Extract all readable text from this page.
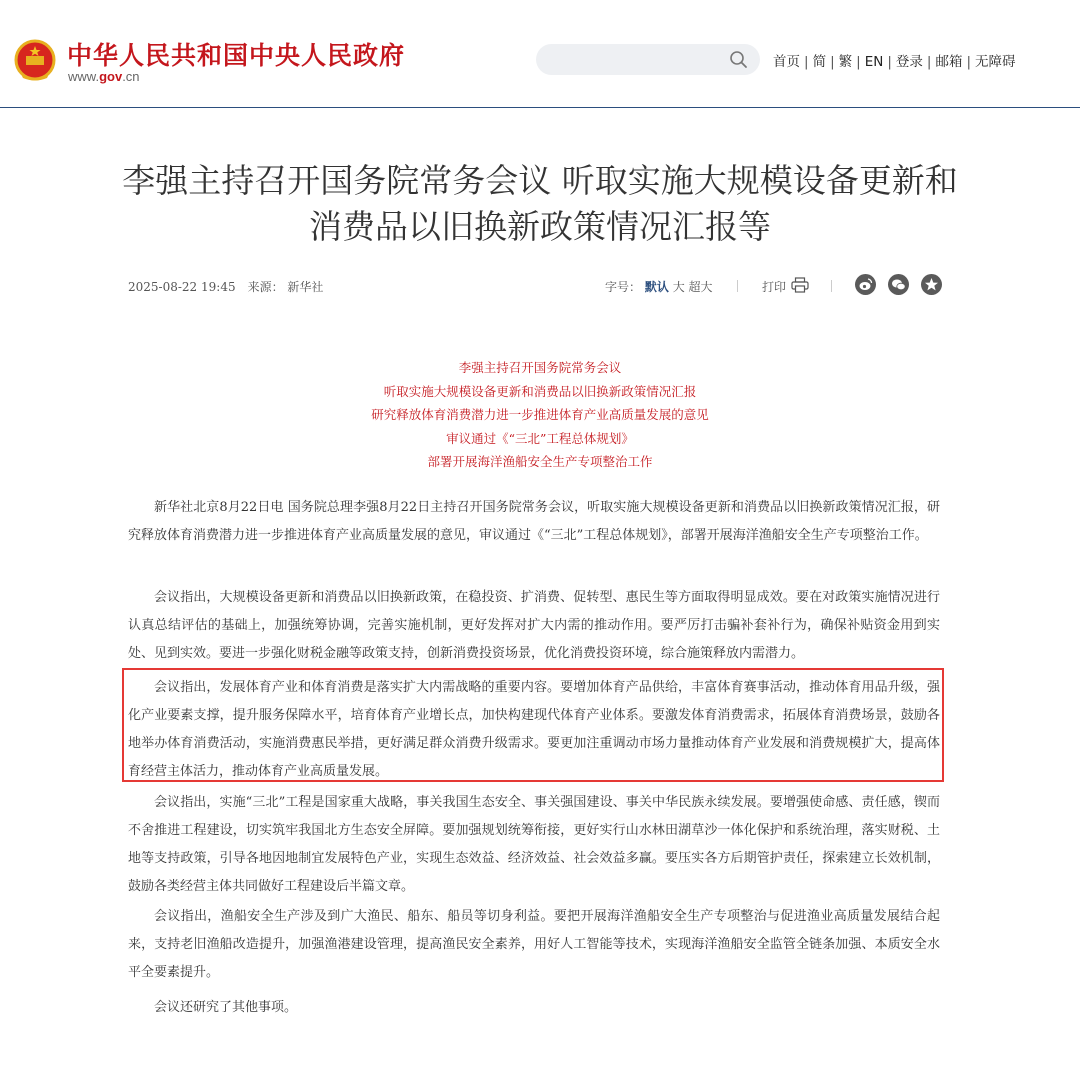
中华人民共和国中央人民政府
www.gov.cn
首页 | 简 | 繁 | EN | 登录 | 邮箱 | 无障碍
李强主持召开国务院常务会议 听取实施大规模设备更新和消费品以旧换新政策情况汇报等
2025-08-22 19:45 来源： 新华社	字号： 默认 大 超大	打印
李强主持召开国务院常务会议
听取实施大规模设备更新和消费品以旧换新政策情况汇报
研究释放体育消费潜力进一步推进体育产业高质量发展的意见
审议通过《“三北”工程总体规划》
部署开展海洋渔船安全生产专项整治工作

新华社北京8月22日电 国务院总理李强8月22日主持召开国务院常务会议，听取实施大规模设备更新和消费品以旧换新政策情况汇报，研究释放体育消费潜力进一步推进体育产业高质量发展的意见，审议通过《“三北”工程总体规划》，部署开展海洋渔船安全生产专项整治工作。

会议指出，大规模设备更新和消费品以旧换新政策，在稳投资、扩消费、促转型、惠民生等方面取得明显成效。要在对政策实施情况进行认真总结评估的基础上，加强统筹协调，完善实施机制，更好发挥对扩大内需的推动作用。要严厉打击骗补套补行为，确保补贴资金用到实处、见到实效。要进一步强化财税金融等政策支持，创新消费投资场景，优化消费投资环境，综合施策释放内需潜力。

会议指出，发展体育产业和体育消费是落实扩大内需战略的重要内容。要增加体育产品供给，丰富体育赛事活动，推动体育用品升级，强化产业要素支撑，提升服务保障水平，培育体育产业增长点，加快构建现代体育产业体系。要激发体育消费需求，拓展体育消费场景，鼓励各地举办体育消费活动，实施消费惠民举措，更好满足群众消费升级需求。要更加注重调动市场力量推动体育产业发展和消费规模扩大，提高体育经营主体活力，推动体育产业高质量发展。

会议指出，实施“三北”工程是国家重大战略，事关我国生态安全、事关强国建设、事关中华民族永续发展。要增强使命感、责任感，锲而不舍推进工程建设，切实筑牢我国北方生态安全屏障。要加强规划统筹衔接，更好实行山水林田湖草沙一体化保护和系统治理，落实财税、土地等支持政策，引导各地因地制宜发展特色产业，实现生态效益、经济效益、社会效益多赢。要压实各方后期管护责任，探索建立长效机制，鼓励各类经营主体共同做好工程建设后半篇文章。

会议指出，渔船安全生产涉及到广大渔民、船东、船员等切身利益。要把开展海洋渔船安全生产专项整治与促进渔业高质量发展结合起来，支持老旧渔船改造提升，加强渔港建设管理，提高渔民安全素养，用好人工智能等技术，实现海洋渔船安全监管全链条加强、本质安全水平全要素提升。

会议还研究了其他事项。
